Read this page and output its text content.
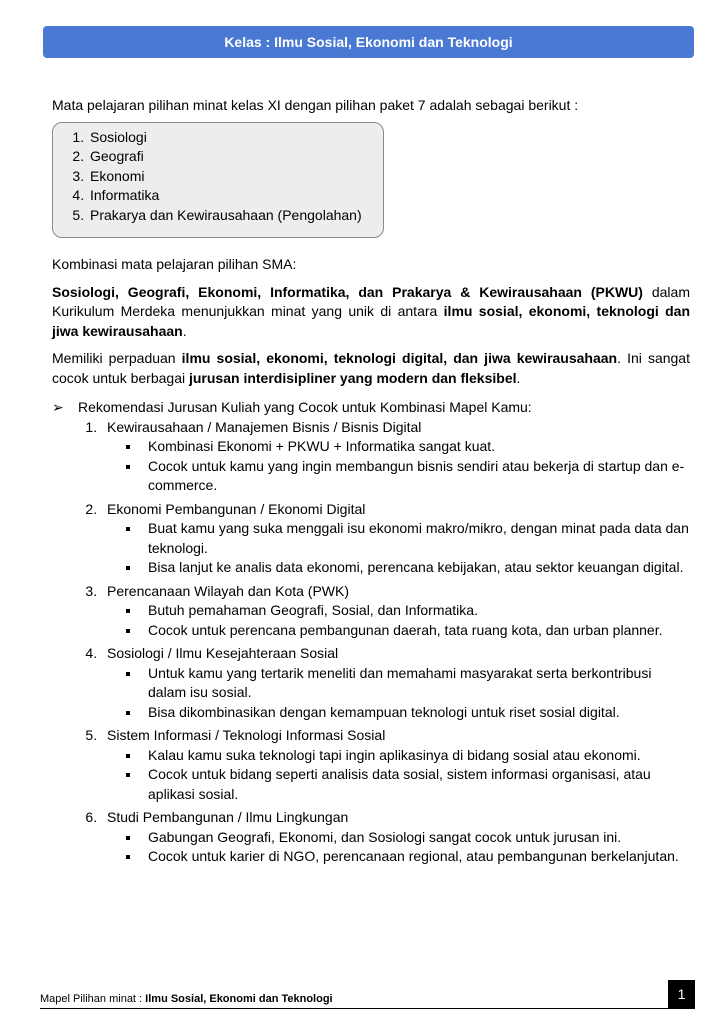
Kelas : Ilmu Sosial, Ekonomi dan Teknologi

Mata pelajaran pilihan minat kelas XI dengan pilihan paket 7 adalah sebagai berikut :

1. Sosiologi
2. Geografi
3. Ekonomi
4. Informatika
5. Prakarya dan Kewirausahaan (Pengolahan)

Kombinasi mata pelajaran pilihan SMA:

Sosiologi, Geografi, Ekonomi, Informatika, dan Prakarya & Kewirausahaan (PKWU) dalam Kurikulum Merdeka menunjukkan minat yang unik di antara ilmu sosial, ekonomi, teknologi dan jiwa kewirausahaan.

Memiliki perpaduan ilmu sosial, ekonomi, teknologi digital, dan jiwa kewirausahaan. Ini sangat cocok untuk berbagai jurusan interdisipliner yang modern dan fleksibel.

➢	Rekomendasi Jurusan Kuliah yang Cocok untuk Kombinasi Mapel Kamu:
1. Kewirausahaan / Manajemen Bisnis / Bisnis Digital
Kombinasi Ekonomi + PKWU + Informatika sangat kuat.
Cocok untuk kamu yang ingin membangun bisnis sendiri atau bekerja di startup dan e-commerce.
2. Ekonomi Pembangunan / Ekonomi Digital
Buat kamu yang suka menggali isu ekonomi makro/mikro, dengan minat pada data dan teknologi.
Bisa lanjut ke analis data ekonomi, perencana kebijakan, atau sektor keuangan digital.
3. Perencanaan Wilayah dan Kota (PWK)
Butuh pemahaman Geografi, Sosial, dan Informatika.
Cocok untuk perencana pembangunan daerah, tata ruang kota, dan urban planner.
4. Sosiologi / Ilmu Kesejahteraan Sosial
Untuk kamu yang tertarik meneliti dan memahami masyarakat serta berkontribusi dalam isu sosial.
Bisa dikombinasikan dengan kemampuan teknologi untuk riset sosial digital.
5. Sistem Informasi / Teknologi Informasi Sosial
Kalau kamu suka teknologi tapi ingin aplikasinya di bidang sosial atau ekonomi.
Cocok untuk bidang seperti analisis data sosial, sistem informasi organisasi, atau aplikasi sosial.
6. Studi Pembangunan / Ilmu Lingkungan
Gabungan Geografi, Ekonomi, dan Sosiologi sangat cocok untuk jurusan ini.
Cocok untuk karier di NGO, perencanaan regional, atau pembangunan berkelanjutan.
Mapel Pilihan minat : Ilmu Sosial, Ekonomi dan Teknologi	1
